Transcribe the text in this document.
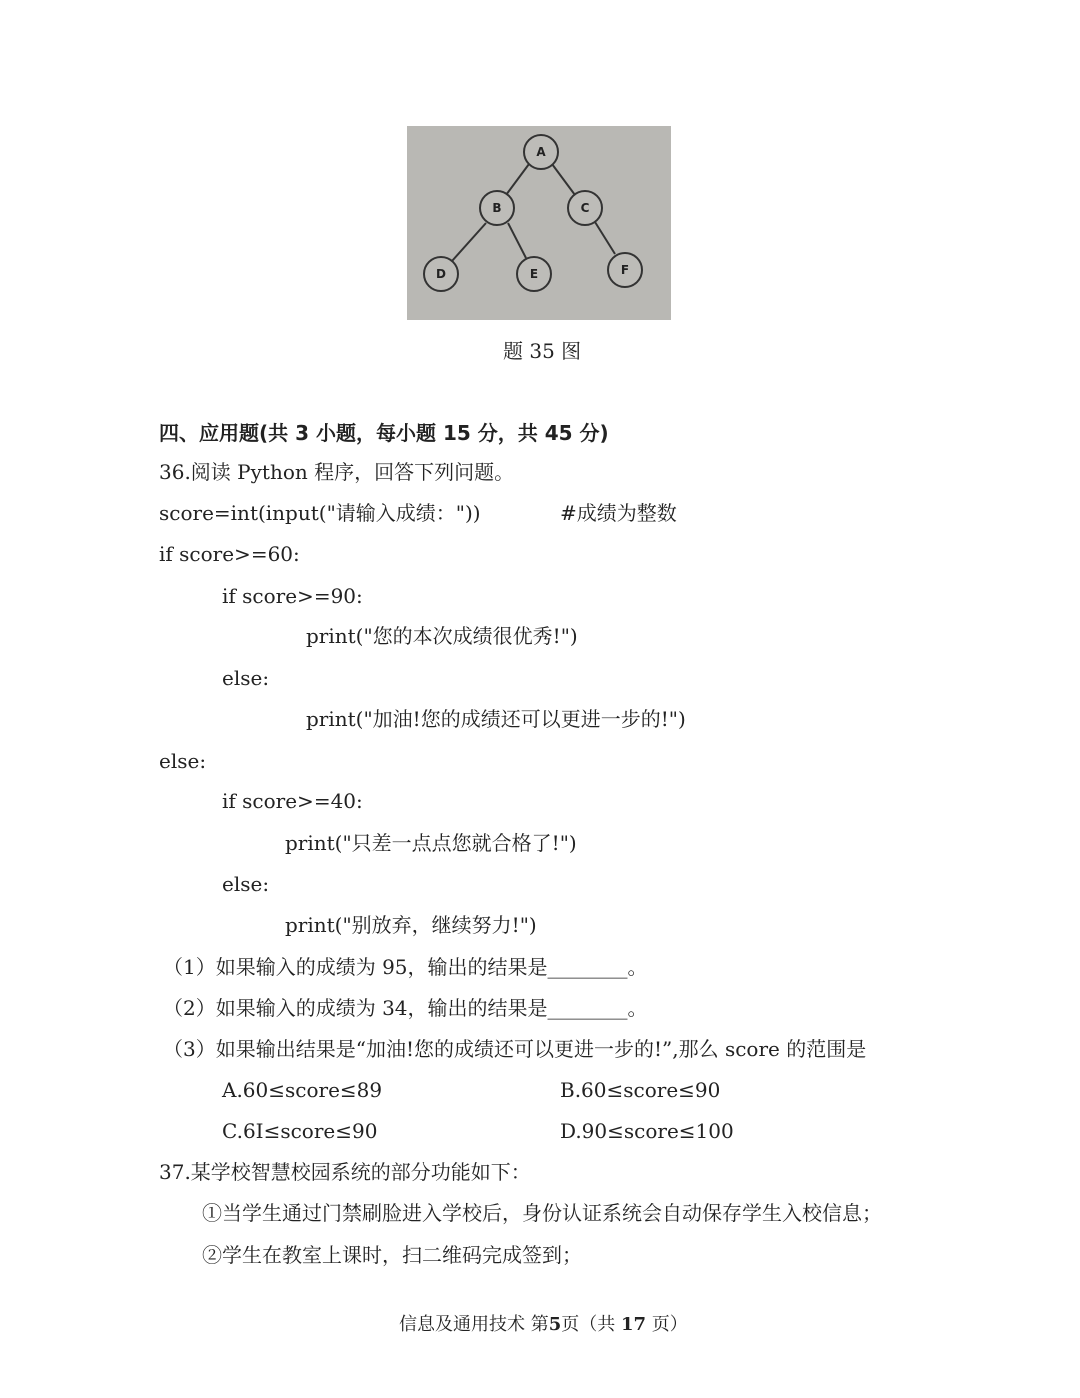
A
B	C
D	E	F
题 35 图
四、应用题(共 3 小题，每小题 15 分，共 45 分)
36.阅读 Python 程序，回答下列问题。
score=int(input("请输入成绩："))	#成绩为整数
if score>=60:
if score>=90:
print("您的本次成绩很优秀!")
else:
print("加油!您的成绩还可以更进一步的!")
else:
if score>=40:
print("只差一点点您就合格了!")
else:
print("别放弃，继续努力!")
（1）如果输入的成绩为 95，输出的结果是________。
（2）如果输入的成绩为 34，输出的结果是________。
（3）如果输出结果是“加油!您的成绩还可以更进一步的!”,那么 score 的范围是
A.60≤score≤89	B.60≤score≤90
C.6I≤score≤90	D.90≤score≤100
37.某学校智慧校园系统的部分功能如下：
①当学生通过门禁刷脸进入学校后，身份认证系统会自动保存学生入校信息；
②学生在教室上课时，扫二维码完成签到；
信息及通用技术 第5页（共 17 页）
